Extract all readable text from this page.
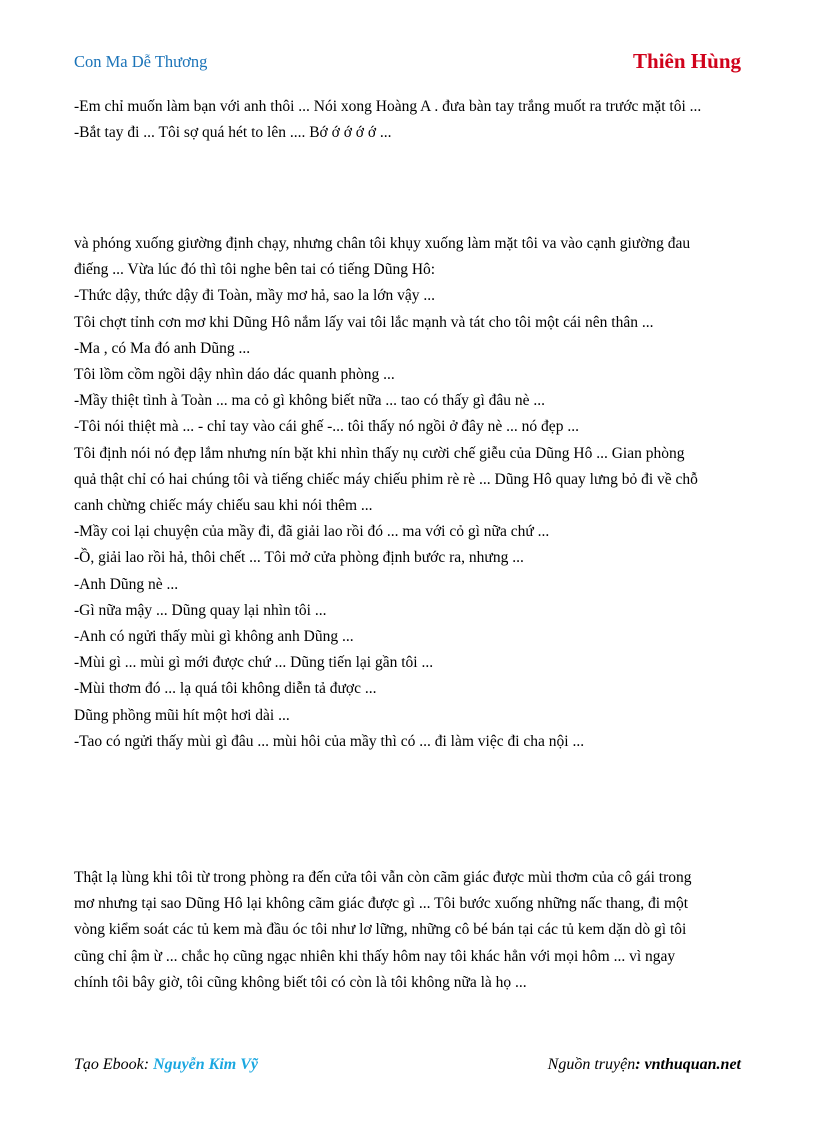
Con Ma Dễ Thương	Thiên Hùng
-Em chỉ muốn làm bạn với anh thôi ... Nói xong Hoàng A . đưa bàn tay trắng muốt ra trước mặt tôi ...
-Bắt tay đi ... Tôi sợ quá hét to lên .... Bớ ớ ớ ớ ớ ...
và phóng xuống giường định chạy, nhưng chân tôi khụy xuống làm mặt tôi va vào cạnh giường đau
điếng ... Vừa lúc đó thì tôi nghe bên tai có tiếng Dũng Hô:
-Thức dậy, thức dậy đi Toàn, mầy mơ hả, sao la lớn vậy ...
Tôi chợt tỉnh cơn mơ khi Dũng Hô nắm lấy vai tôi lắc mạnh và tát cho tôi một cái nên thân ...
-Ma , có Ma đó anh Dũng ...
Tôi lồm cồm ngồi dậy nhìn dáo dác quanh phòng ...
-Mầy thiệt tình à Toàn ... ma cỏ gì không biết nữa ... tao có thấy gì đâu nè ...
-Tôi nói thiệt mà ... - chỉ tay vào cái ghế -... tôi thấy nó ngồi ở đây nè ... nó đẹp ...
Tôi định nói nó đẹp lắm nhưng nín bặt khi nhìn thấy nụ cười chế giễu của Dũng Hô ... Gian phòng
quả thật chỉ có hai chúng tôi và tiếng chiếc máy chiếu phim rè rè ... Dũng Hô quay lưng bỏ đi về chỗ
canh chừng chiếc máy chiếu sau khi nói thêm ...
-Mầy coi lại chuyện của mầy đi, đã giải lao rồi đó ... ma với cỏ gì nữa chứ ...
-Ồ, giải lao rồi hả, thôi chết ... Tôi mở cửa phòng định bước ra, nhưng ...
-Anh Dũng nè ...
-Gì nữa mậy ... Dũng quay lại nhìn tôi ...
-Anh có ngửi thấy mùi gì không anh Dũng ...
-Mùi gì ... mùi gì mới được chứ ... Dũng tiến lại gần tôi ...
-Mùi thơm đó ... lạ quá tôi không diễn tả được ...
Dũng phồng mũi hít một hơi dài ...
-Tao có ngửi thấy mùi gì đâu ... mùi hôi của mầy thì có ... đi làm việc đi cha nội ...
Thật lạ lùng khi tôi từ trong phòng ra đến cửa tôi vẫn còn cãm giác được mùi thơm của cô gái trong
mơ nhưng tại sao Dũng Hô lại không cãm giác được gì ... Tôi bước xuống những nấc thang, đi một
vòng kiểm soát các tủ kem mà đầu óc tôi như lơ lững, những cô bé bán tại các tủ kem dặn dò gì tôi
cũng chỉ ậm ừ ... chắc họ cũng ngạc nhiên khi thấy hôm nay tôi khác hẳn với mọi hôm ... vì ngay
chính tôi bây giờ, tôi cũng không biết tôi có còn là tôi không nữa là họ ...
Tạo Ebook: Nguyễn Kim Vỹ	Nguồn truyện: vnthuquan.net
